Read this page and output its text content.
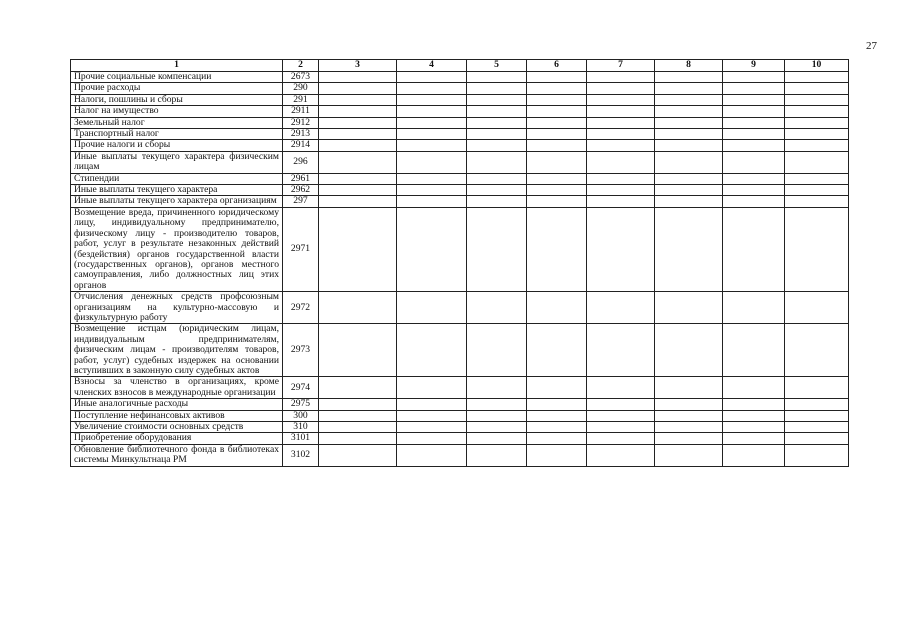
27
1	2	3	4	5	6	7	8	9	10
Прочие социальные компенсации	2673								
Прочие расходы	290								
Налоги, пошлины и сборы	291								
Налог на имущество	2911								
Земельный налог	2912								
Транспортный налог	2913								
Прочие налоги и сборы	2914								
Иные выплаты текущего характера физическим лицам	296								
Стипендии	2961								
Иные выплаты текущего характера	2962								
Иные выплаты текущего характера организациям	297								
Возмещение вреда, причиненного юридическому лицу, индивидуальному предпринимателю, физическому лицу - производителю товаров, работ, услуг в результате незаконных действий (бездействия) органов государственной власти (государственных органов), органов местного самоуправления, либо должностных лиц этих органов	2971								
Отчисления денежных средств профсоюзным организациям на культурно-массовую и физкультурную работу	2972								
Возмещение истцам (юридическим лицам, индивидуальным предпринимателям, физическим лицам - производителям товаров, работ, услуг) судебных издержек на основании вступивших в законную силу судебных актов	2973								
Взносы за членство в организациях, кроме членских взносов в международные организации	2974								
Иные аналогичные расходы	2975								
Поступление нефинансовых активов	300								
Увеличение стоимости основных средств	310								
Приобретение оборудования	3101								
Обновление библиотечного фонда в библиотеках системы Минкультнаца РМ	3102								
